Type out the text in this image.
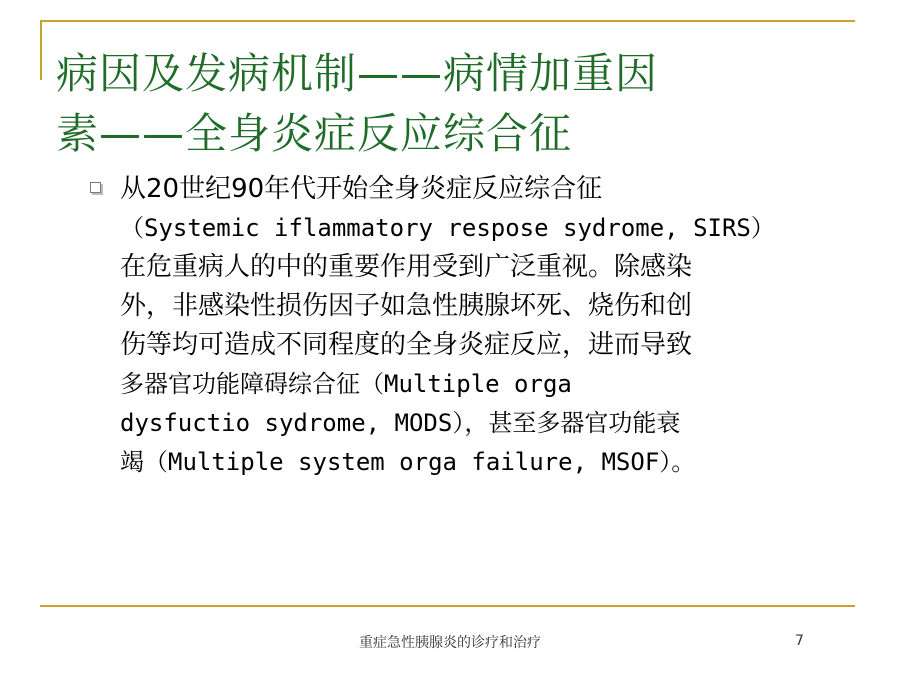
病因及发病机制——病情加重因
素——全身炎症反应综合征
从20世纪90年代开始全身炎症反应综合征
（Systemic iflammatory respose sydrome, SIRS）
在危重病人的中的重要作用受到广泛重视。除感染
外，非感染性损伤因子如急性胰腺坏死、烧伤和创
伤等均可造成不同程度的全身炎症反应，进而导致
多器官功能障碍综合征（Multiple orga
dysfuctio sydrome, MODS），甚至多器官功能衰
竭（Multiple system orga failure, MSOF）。
重症急性胰腺炎的诊疗和治疗	7
